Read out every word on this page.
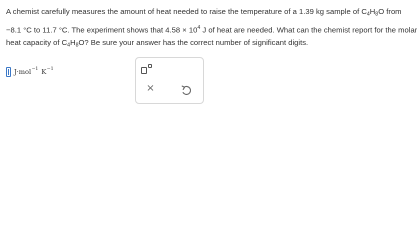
A chemist carefully measures the amount of heat needed to raise the temperature of a 1.39 kg sample of $C_4H_8O$ from
−8.1 °C to 11.7 °C. The experiment shows that $4.58 \times 10^4$ J of heat are needed. What can the chemist report for the molar
heat capacity of $C_4H_8O$? Be sure your answer has the correct number of significant digits.
J·mol$^{-1}$ $K^{-1}$
×
